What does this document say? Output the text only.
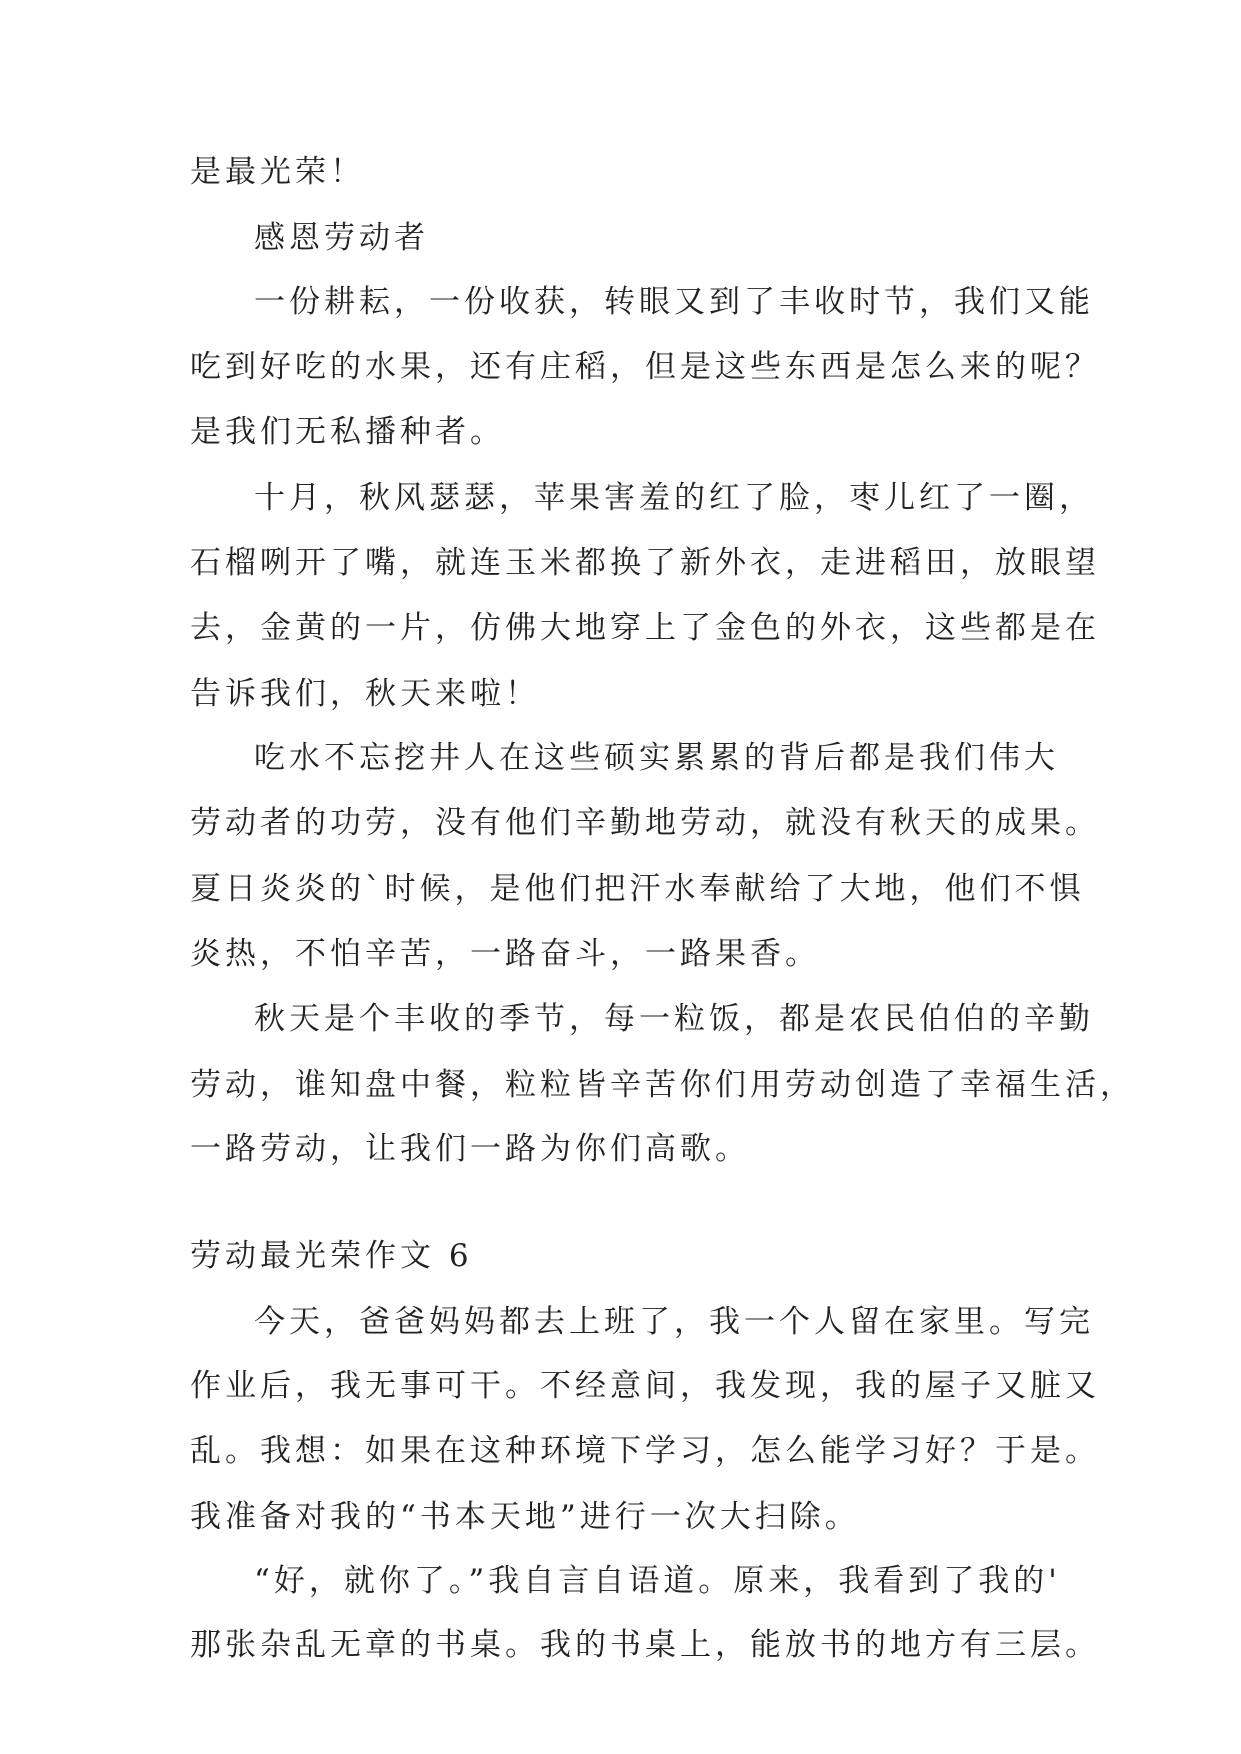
是最光荣！
感恩劳动者
一份耕耘，一份收获，转眼又到了丰收时节，我们又能
吃到好吃的水果，还有庄稻，但是这些东西是怎么来的呢？
是我们无私播种者。
十月，秋风瑟瑟，苹果害羞的红了脸，枣儿红了一圈，
石榴咧开了嘴，就连玉米都换了新外衣，走进稻田，放眼望
去，金黄的一片，仿佛大地穿上了金色的外衣，这些都是在
告诉我们，秋天来啦！
吃水不忘挖井人在这些硕实累累的背后都是我们伟大
劳动者的功劳，没有他们辛勤地劳动，就没有秋天的成果。
夏日炎炎的`时候，是他们把汗水奉献给了大地，他们不惧
炎热，不怕辛苦，一路奋斗，一路果香。
秋天是个丰收的季节，每一粒饭，都是农民伯伯的辛勤
劳动，谁知盘中餐，粒粒皆辛苦你们用劳动创造了幸福生活，
一路劳动，让我们一路为你们高歌。
劳动最光荣作文 6
今天，爸爸妈妈都去上班了，我一个人留在家里。写完
作业后，我无事可干。不经意间，我发现，我的屋子又脏又
乱。我想：如果在这种环境下学习，怎么能学习好？于是。
我准备对我的“书本天地”进行一次大扫除。
“好，就你了。”我自言自语道。原来，我看到了我的'
那张杂乱无章的书桌。我的书桌上，能放书的地方有三层。
